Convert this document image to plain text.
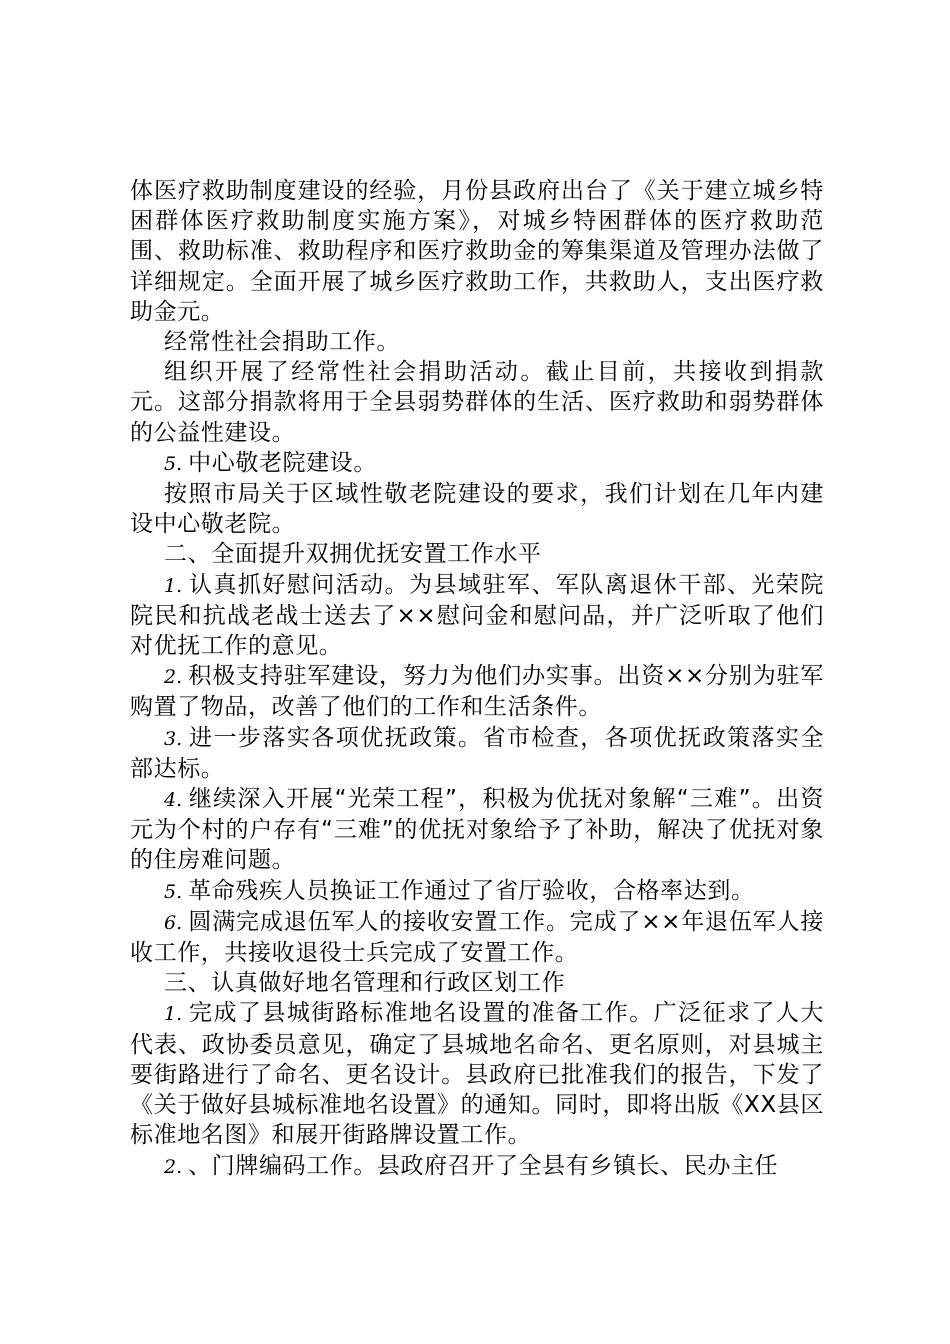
体医疗救助制度建设的经验，月份县政府出台了《关于建立城乡特困群体医疗救助制度实施方案》，对城乡特困群体的医疗救助范围、救助标准、救助程序和医疗救助金的筹集渠道及管理办法做了详细规定。全面开展了城乡医疗救助工作，共救助人，支出医疗救助金元。

经常性社会捐助工作。

组织开展了经常性社会捐助活动。截止目前，共接收到捐款元。这部分捐款将用于全县弱势群体的生活、医疗救助和弱势群体的公益性建设。

5. 中心敬老院建设。

按照市局关于区域性敬老院建设的要求，我们计划在几年内建设中心敬老院。

二、全面提升双拥优抚安置工作水平

1. 认真抓好慰问活动。为县域驻军、军队离退休干部、光荣院院民和抗战老战士送去了××慰问金和慰问品，并广泛听取了他们对优抚工作的意见。

2. 积极支持驻军建设，努力为他们办实事。出资××分别为驻军购置了物品，改善了他们的工作和生活条件。

3. 进一步落实各项优抚政策。省市检查，各项优抚政策落实全部达标。

4. 继续深入开展“光荣工程”，积极为优抚对象解“三难”。出资元为个村的户存有“三难”的优抚对象给予了补助，解决了优抚对象的住房难问题。

5. 革命残疾人员换证工作通过了省厅验收，合格率达到。

6. 圆满完成退伍军人的接收安置工作。完成了××年退伍军人接收工作，共接收退役士兵完成了安置工作。

三、认真做好地名管理和行政区划工作

1. 完成了县城街路标准地名设置的准备工作。广泛征求了人大代表、政协委员意见，确定了县城地名命名、更名原则，对县城主要街路进行了命名、更名设计。县政府已批准我们的报告，下发了《关于做好县城标准地名设置》的通知。同时，即将出版《XX县区标准地名图》和展开街路牌设置工作。

2. 、门牌编码工作。县政府召开了全县有乡镇长、民办主任
